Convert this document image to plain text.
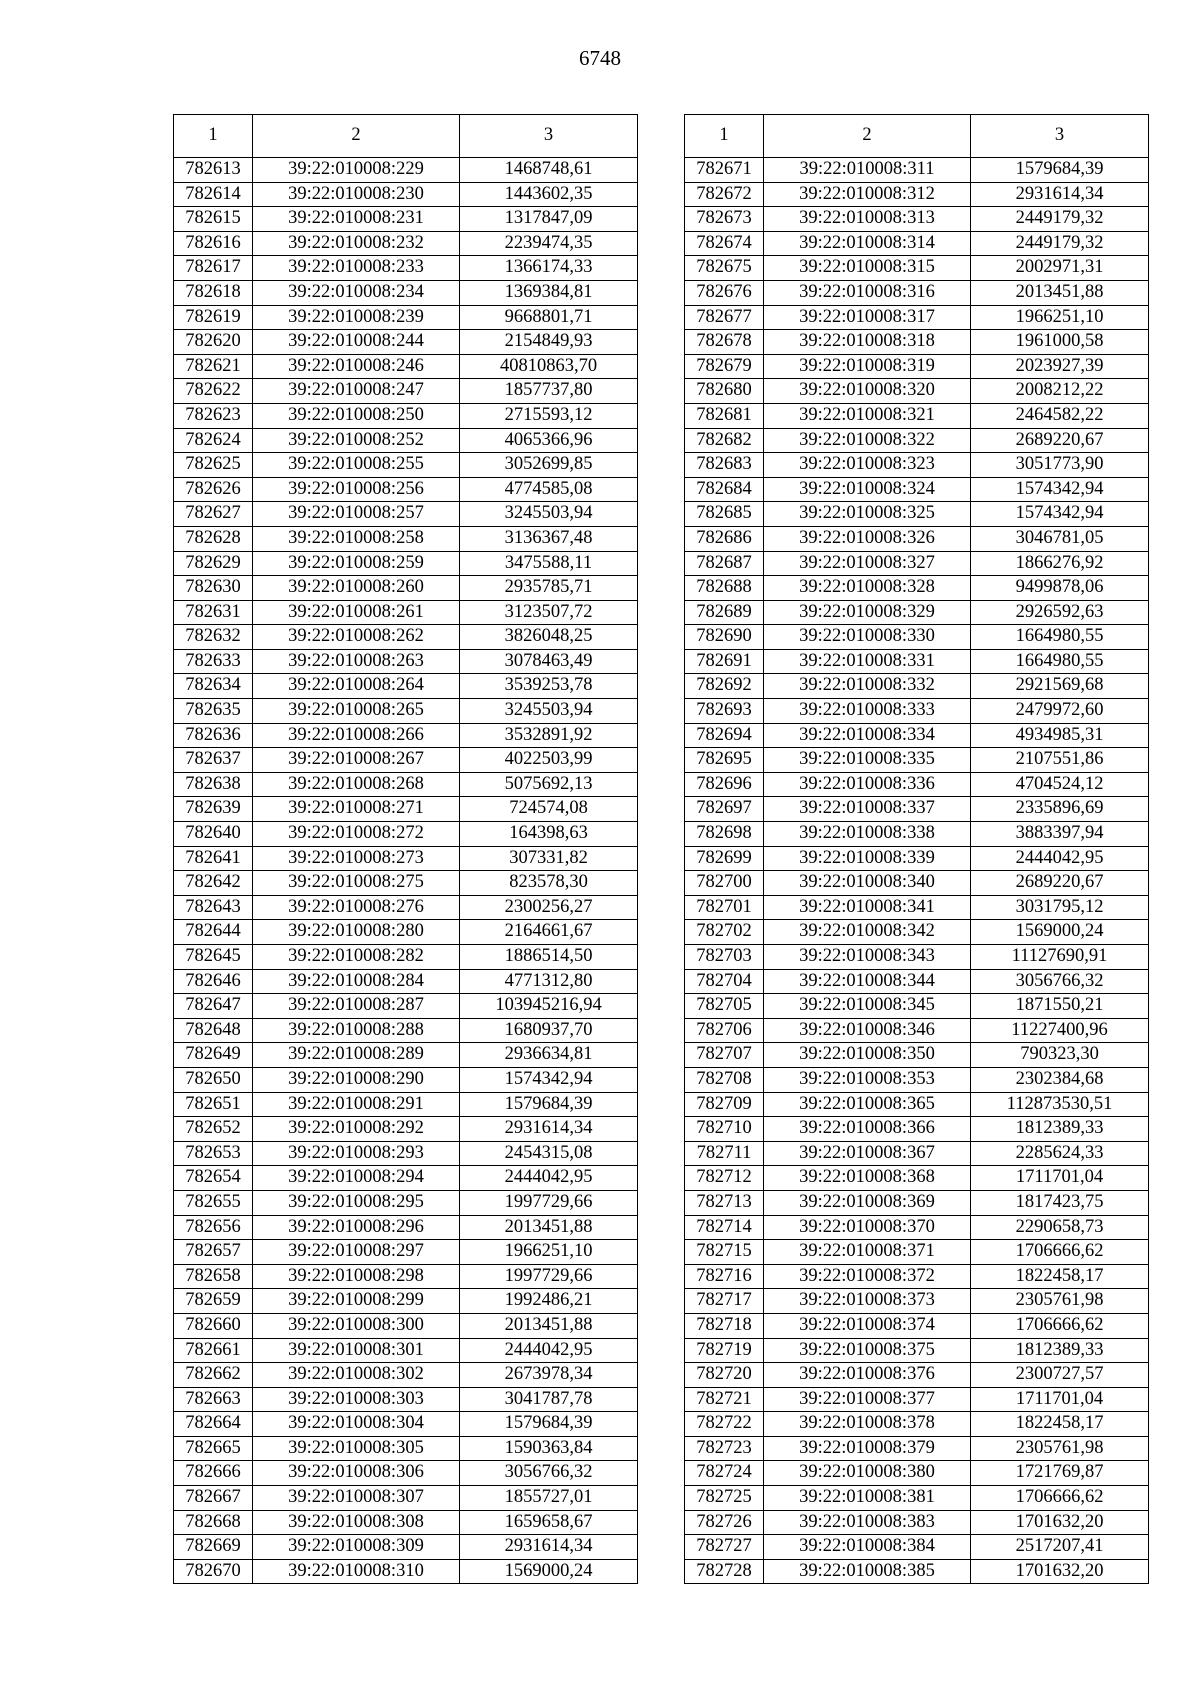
6748
1	2	3
782613	39:22:010008:229	1468748,61
782614	39:22:010008:230	1443602,35
782615	39:22:010008:231	1317847,09
782616	39:22:010008:232	2239474,35
782617	39:22:010008:233	1366174,33
782618	39:22:010008:234	1369384,81
782619	39:22:010008:239	9668801,71
782620	39:22:010008:244	2154849,93
782621	39:22:010008:246	40810863,70
782622	39:22:010008:247	1857737,80
782623	39:22:010008:250	2715593,12
782624	39:22:010008:252	4065366,96
782625	39:22:010008:255	3052699,85
782626	39:22:010008:256	4774585,08
782627	39:22:010008:257	3245503,94
782628	39:22:010008:258	3136367,48
782629	39:22:010008:259	3475588,11
782630	39:22:010008:260	2935785,71
782631	39:22:010008:261	3123507,72
782632	39:22:010008:262	3826048,25
782633	39:22:010008:263	3078463,49
782634	39:22:010008:264	3539253,78
782635	39:22:010008:265	3245503,94
782636	39:22:010008:266	3532891,92
782637	39:22:010008:267	4022503,99
782638	39:22:010008:268	5075692,13
782639	39:22:010008:271	724574,08
782640	39:22:010008:272	164398,63
782641	39:22:010008:273	307331,82
782642	39:22:010008:275	823578,30
782643	39:22:010008:276	2300256,27
782644	39:22:010008:280	2164661,67
782645	39:22:010008:282	1886514,50
782646	39:22:010008:284	4771312,80
782647	39:22:010008:287	103945216,94
782648	39:22:010008:288	1680937,70
782649	39:22:010008:289	2936634,81
782650	39:22:010008:290	1574342,94
782651	39:22:010008:291	1579684,39
782652	39:22:010008:292	2931614,34
782653	39:22:010008:293	2454315,08
782654	39:22:010008:294	2444042,95
782655	39:22:010008:295	1997729,66
782656	39:22:010008:296	2013451,88
782657	39:22:010008:297	1966251,10
782658	39:22:010008:298	1997729,66
782659	39:22:010008:299	1992486,21
782660	39:22:010008:300	2013451,88
782661	39:22:010008:301	2444042,95
782662	39:22:010008:302	2673978,34
782663	39:22:010008:303	3041787,78
782664	39:22:010008:304	1579684,39
782665	39:22:010008:305	1590363,84
782666	39:22:010008:306	3056766,32
782667	39:22:010008:307	1855727,01
782668	39:22:010008:308	1659658,67
782669	39:22:010008:309	2931614,34
782670	39:22:010008:310	1569000,24
1	2	3
782671	39:22:010008:311	1579684,39
782672	39:22:010008:312	2931614,34
782673	39:22:010008:313	2449179,32
782674	39:22:010008:314	2449179,32
782675	39:22:010008:315	2002971,31
782676	39:22:010008:316	2013451,88
782677	39:22:010008:317	1966251,10
782678	39:22:010008:318	1961000,58
782679	39:22:010008:319	2023927,39
782680	39:22:010008:320	2008212,22
782681	39:22:010008:321	2464582,22
782682	39:22:010008:322	2689220,67
782683	39:22:010008:323	3051773,90
782684	39:22:010008:324	1574342,94
782685	39:22:010008:325	1574342,94
782686	39:22:010008:326	3046781,05
782687	39:22:010008:327	1866276,92
782688	39:22:010008:328	9499878,06
782689	39:22:010008:329	2926592,63
782690	39:22:010008:330	1664980,55
782691	39:22:010008:331	1664980,55
782692	39:22:010008:332	2921569,68
782693	39:22:010008:333	2479972,60
782694	39:22:010008:334	4934985,31
782695	39:22:010008:335	2107551,86
782696	39:22:010008:336	4704524,12
782697	39:22:010008:337	2335896,69
782698	39:22:010008:338	3883397,94
782699	39:22:010008:339	2444042,95
782700	39:22:010008:340	2689220,67
782701	39:22:010008:341	3031795,12
782702	39:22:010008:342	1569000,24
782703	39:22:010008:343	11127690,91
782704	39:22:010008:344	3056766,32
782705	39:22:010008:345	1871550,21
782706	39:22:010008:346	11227400,96
782707	39:22:010008:350	790323,30
782708	39:22:010008:353	2302384,68
782709	39:22:010008:365	112873530,51
782710	39:22:010008:366	1812389,33
782711	39:22:010008:367	2285624,33
782712	39:22:010008:368	1711701,04
782713	39:22:010008:369	1817423,75
782714	39:22:010008:370	2290658,73
782715	39:22:010008:371	1706666,62
782716	39:22:010008:372	1822458,17
782717	39:22:010008:373	2305761,98
782718	39:22:010008:374	1706666,62
782719	39:22:010008:375	1812389,33
782720	39:22:010008:376	2300727,57
782721	39:22:010008:377	1711701,04
782722	39:22:010008:378	1822458,17
782723	39:22:010008:379	2305761,98
782724	39:22:010008:380	1721769,87
782725	39:22:010008:381	1706666,62
782726	39:22:010008:383	1701632,20
782727	39:22:010008:384	2517207,41
782728	39:22:010008:385	1701632,20
